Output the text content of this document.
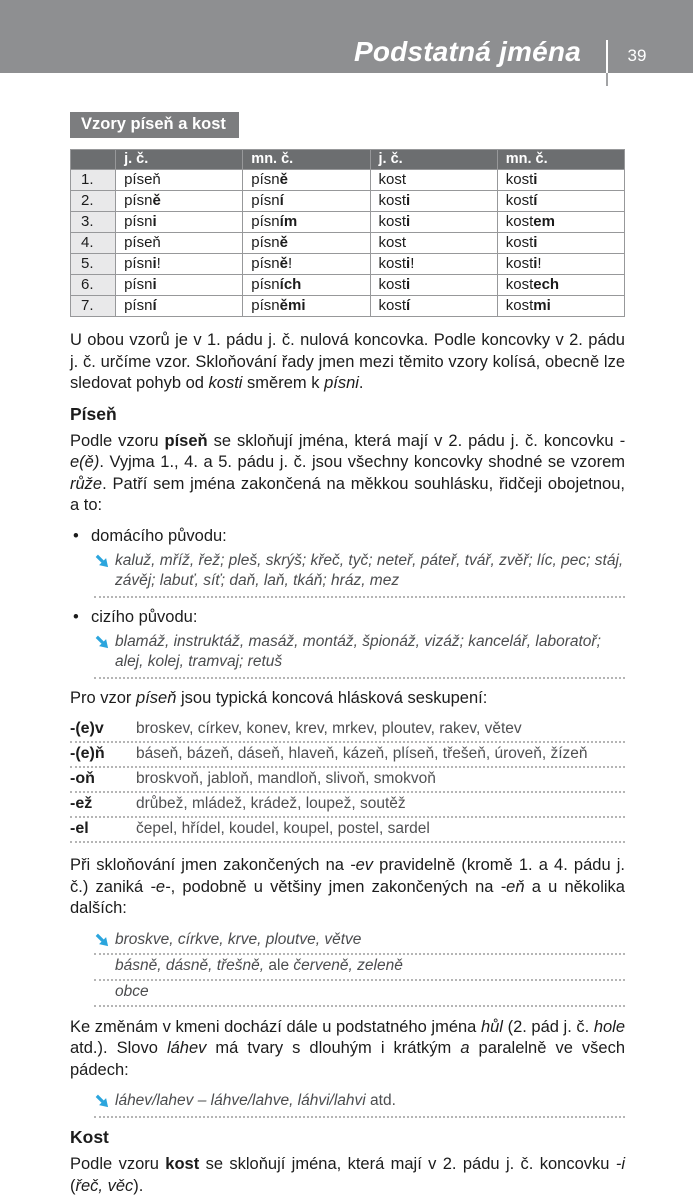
Podstatná jména	39
Vzory píseň a kost
	j. č.	mn. č.	j. č.	mn. č.
1.	píseň	písně	kost	kosti
2.	písně	písní	kosti	kostí
3.	písni	písním	kosti	kostem
4.	píseň	písně	kost	kosti
5.	písni!	písně!	kosti!	kosti!
6.	písni	písních	kosti	kostech
7.	písní	písněmi	kostí	kostmi

U obou vzorů je v 1. pádu j. č. nulová koncovka. Podle koncovky v 2. pádu j. č. určíme vzor. Skloňování řady jmen mezi těmito vzory kolísá, obecně lze sledovat pohyb od kosti směrem k písni.

Píseň

Podle vzoru píseň se skloňují jména, která mají v 2. pádu j. č. koncovku -e(ě). Vyjma 1., 4. a 5. pádu j. č. jsou všechny koncovky shodné se vzorem růže. Patří sem jména zakončená na měkkou souhlásku, řidčeji obojetnou, a to:

• domácího původu:
kaluž, mříž, řež; pleš, skrýš; křeč, tyč; neteř, páteř, tvář, zvěř; líc, pec; stáj, závěj; labuť, síť; daň, laň, tkáň; hráz, mez
• cizího původu:
blamáž, instruktáž, masáž, montáž, špionáž, vizáž; kancelář, laboratoř; alej, kolej, tramvaj; retuš

Pro vzor píseň jsou typická koncová hlásková seskupení:

-(e)v	broskev, církev, konev, krev, mrkev, ploutev, rakev, větev
-(e)ň	báseň, bázeň, dáseň, hlaveň, kázeň, plíseň, třešeň, úroveň, žízeň
-oň	broskvoň, jabloň, mandloň, slivoň, smokvoň
-ež	drůbež, mládež, krádež, loupež, soutěž
-el	čepel, hřídel, koudel, koupel, postel, sardel

Při skloňování jmen zakončených na -ev pravidelně (kromě 1. a 4. pádu j. č.) zaniká -e-, podobně u většiny jmen zakončených na -eň a u několika dalších:

broskve, církve, krve, ploutve, větve
básně, dásně, třešně, ale červeně, zeleně
obce

Ke změnám v kmeni dochází dále u podstatného jména hůl (2. pád j. č. hole atd.). Slovo láhev má tvary s dlouhým i krátkým a paralelně ve všech pádech:

láhev/lahev – láhve/lahve, láhvi/lahvi atd.
Kost

Podle vzoru kost se skloňují jména, která mají v 2. pádu j. č. koncovku -i (řeč, věc).
